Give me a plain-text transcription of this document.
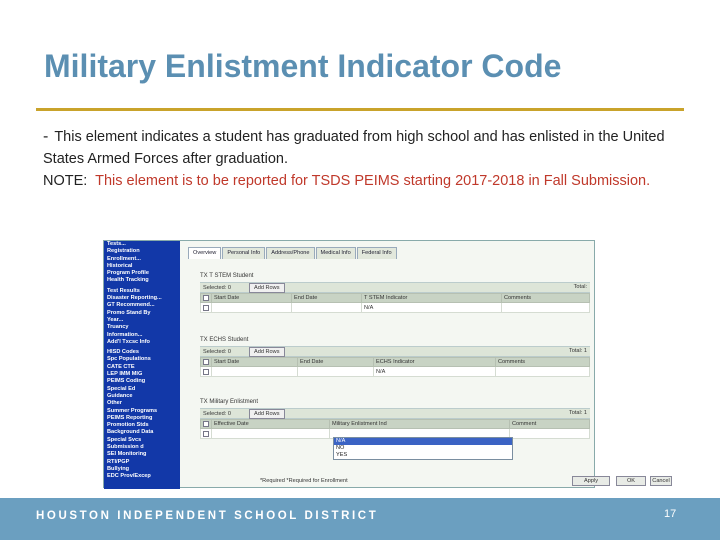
Military Enlistment Indicator Code
- This element indicates a student has graduated from high school and has enlisted in the United States Armed Forces after graduation.
NOTE: This element is to be reported for TSDS PEIMS starting 2017-2018 in Fall Submission.
Tests...
Registration
Enrollment...
Historical
Program Profile
Health Tracking
Test Results
Disaster Reporting...
GT Recommend...
Promo Stand By
Year...
Truancy
Information...
Add'l Txcsc Info
HISD Codes
Spc Populations
CATE CTE
LEP IMM MIG
PEIMS Coding
Special Ed
Guidance
Other
Summer Programs
PEIMS Reporting
Promotion Stds
Background Data
Special Svcs
Submission d
SEI Monitoring
RTI/PGP
Bullying
EDC Prov/Excep
Overview	Personal Info	Address/Phone	Medical Info	Federal Info
TX T STEM Student
Selected: 0	Add Rows	Total:
	Start Date	End Date	T STEM Indicator	Comments
			N/A	
TX ECHS Student
Selected: 0	Add Rows	Total: 1
	Start Date	End Date	ECHS Indicator	Comments
			N/A	
TX Military Enlistment
Selected: 0	Add Rows	Total: 1
	Effective Date	Military Enlistment Ind	Comment

*Required *Required for Enrollment	Apply	OK	Cancel
N/A
NO
YES
HOUSTON INDEPENDENT SCHOOL DISTRICT	17
